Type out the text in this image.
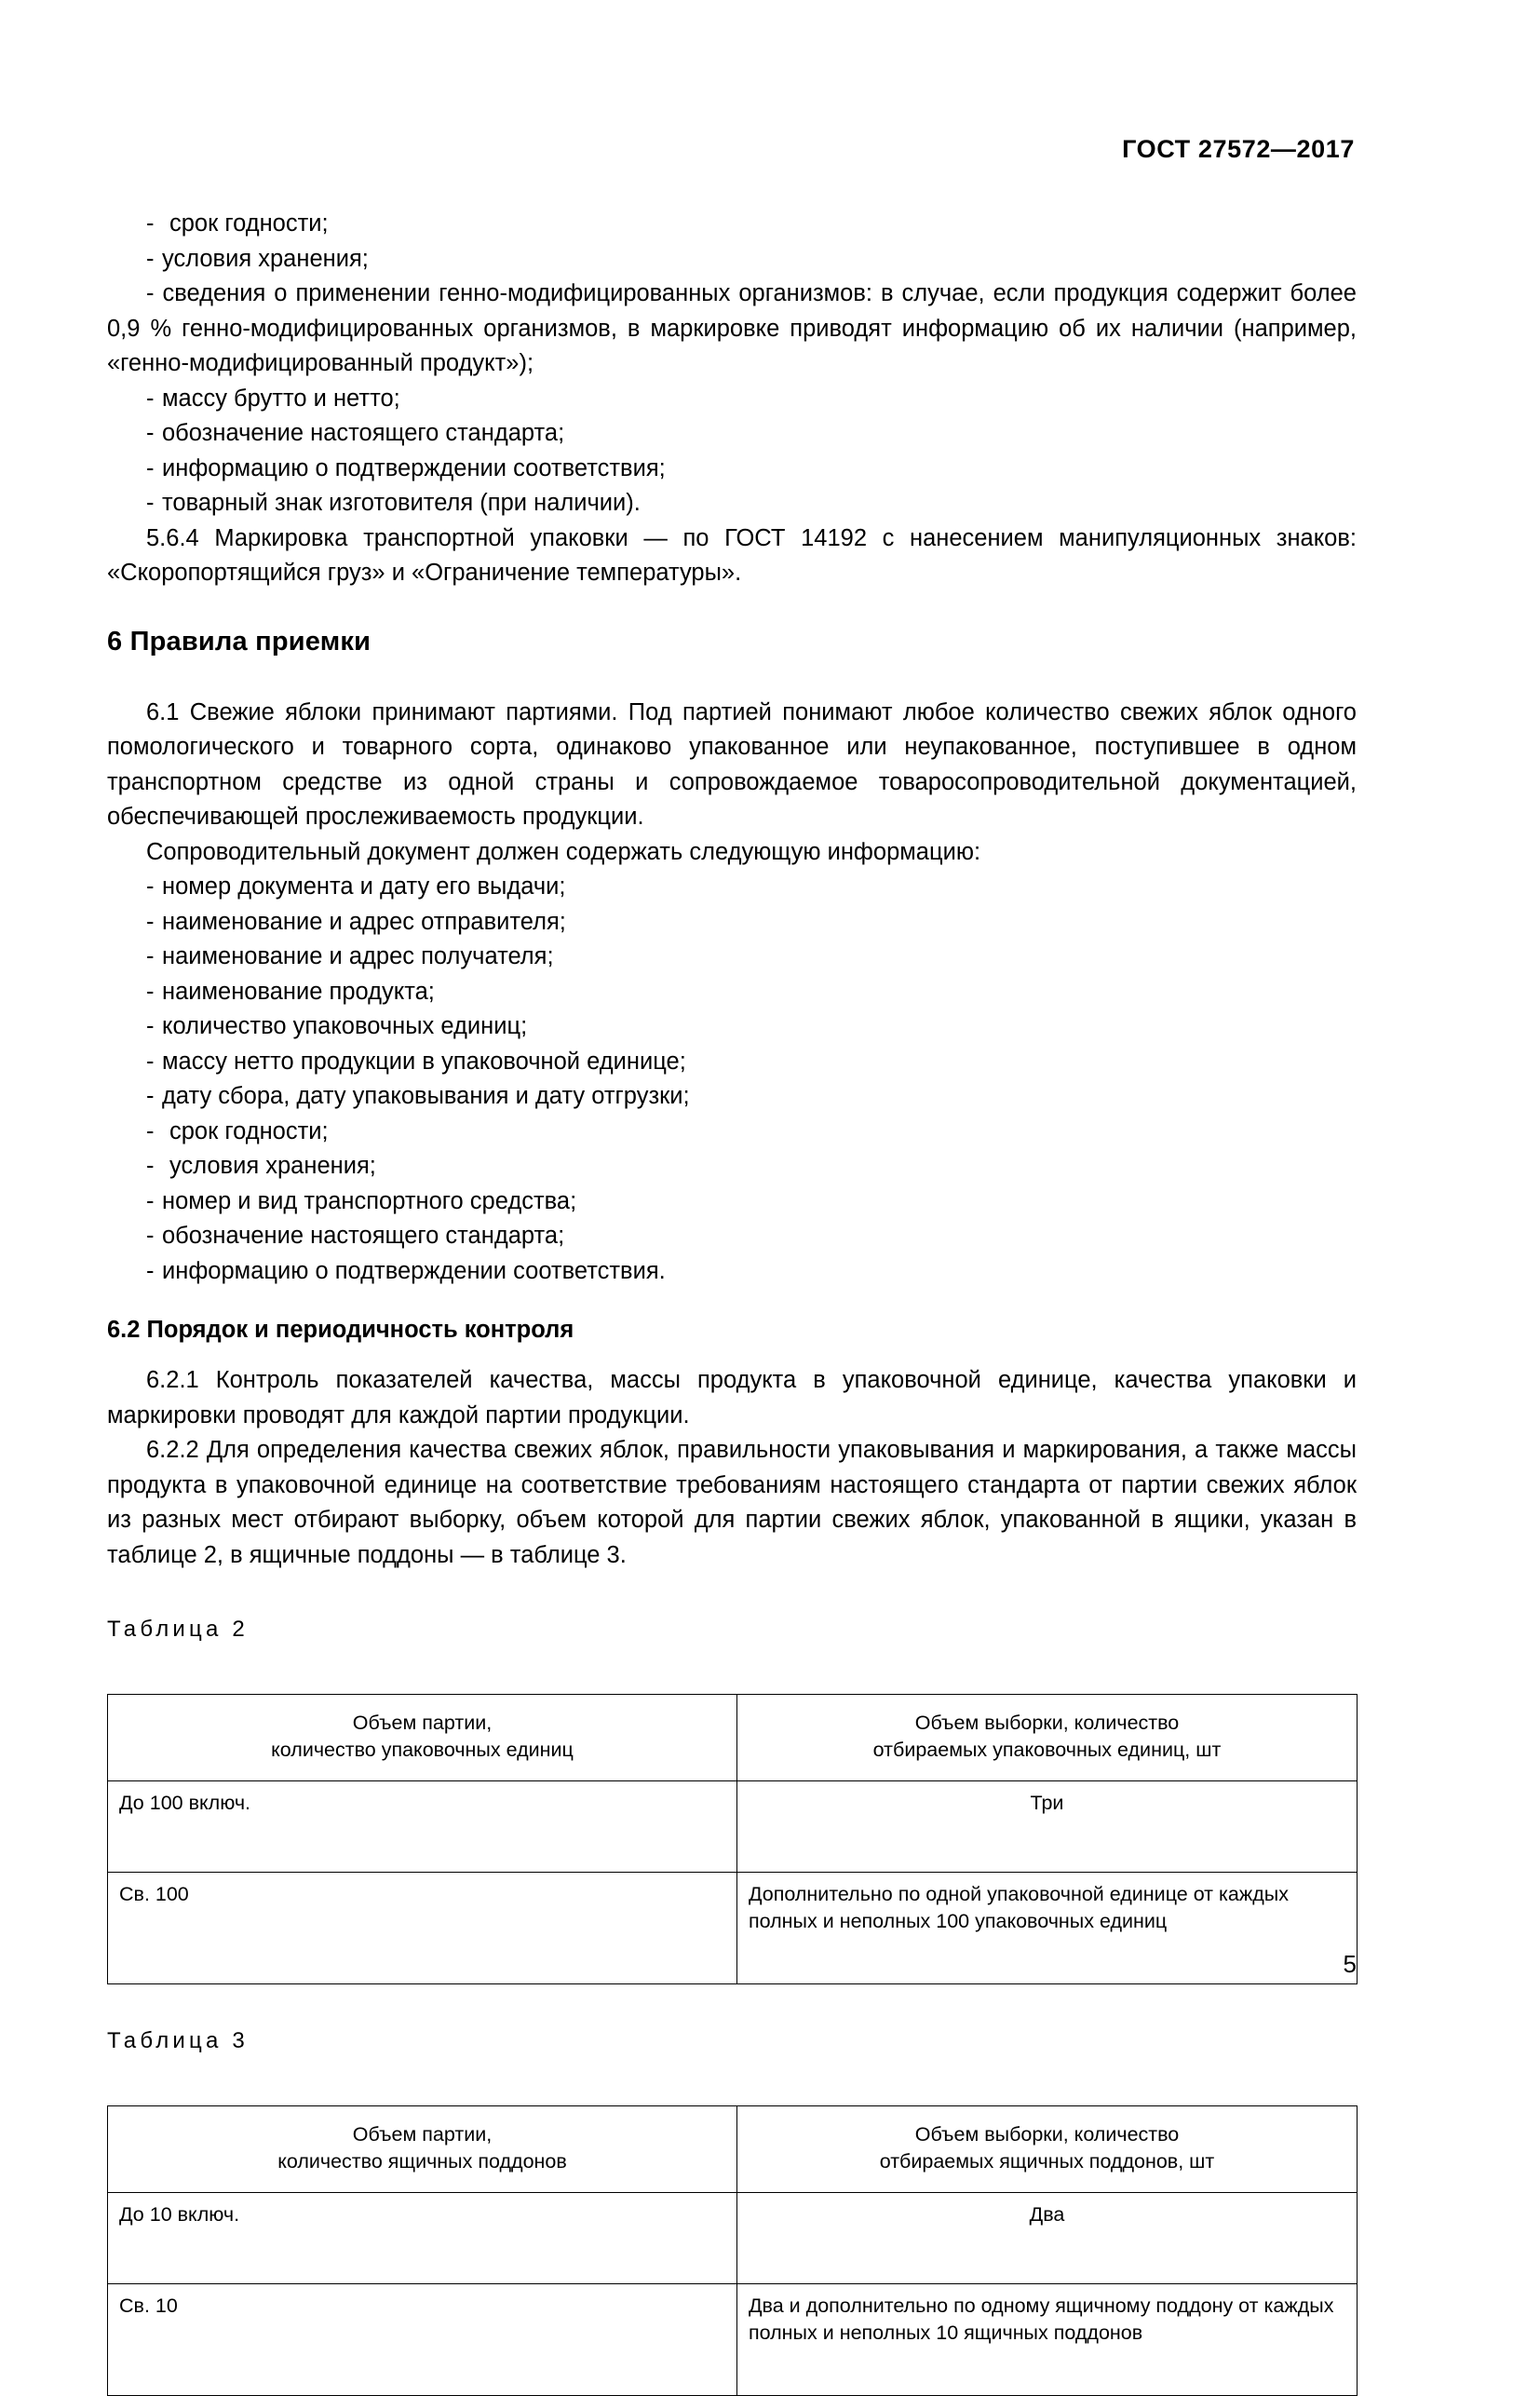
ГОСТ 27572—2017

- срок годности;

- условия хранения;

- сведения о применении генно-модифицированных организмов: в случае, если продукция содержит более 0,9 % генно-модифицированных организмов, в маркировке приводят информацию об их наличии (например, «генно-модифицированный продукт»);

- массу брутто и нетто;

- обозначение настоящего стандарта;

- информацию о подтверждении соответствия;

- товарный знак изготовителя (при наличии).

5.6.4 Маркировка транспортной упаковки — по ГОСТ 14192 с нанесением манипуляционных знаков: «Скоропортящийся груз» и «Ограничение температуры».

6 Правила приемки

6.1 Свежие яблоки принимают партиями. Под партией понимают любое количество свежих яблок одного помологического и товарного сорта, одинаково упакованное или неупакованное, поступившее в одном транспортном средстве из одной страны и сопровождаемое товаросопроводительной документацией, обеспечивающей прослеживаемость продукции.

Сопроводительный документ должен содержать следующую информацию:

- номер документа и дату его выдачи;

- наименование и адрес отправителя;

- наименование и адрес получателя;

- наименование продукта;

- количество упаковочных единиц;

- массу нетто продукции в упаковочной единице;

- дату сбора, дату упаковывания и дату отгрузки;

- срок годности;

- условия хранения;

- номер и вид транспортного средства;

- обозначение настоящего стандарта;

- информацию о подтверждении соответствия.

6.2 Порядок и периодичность контроля

6.2.1 Контроль показателей качества, массы продукта в упаковочной единице, качества упаковки и маркировки проводят для каждой партии продукции.

6.2.2 Для определения качества свежих яблок, правильности упаковывания и маркирования, а также массы продукта в упаковочной единице на соответствие требованиям настоящего стандарта от партии свежих яблок из разных мест отбирают выборку, объем которой для партии свежих яблок, упакованной в ящики, указан в таблице 2, в ящичные поддоны — в таблице 3.

Таблица 2

Объем партии,
количество упаковочных единиц	Объем выборки, количество
отбираемых упаковочных единиц, шт

До 100 включ.	Три
Св. 100	Дополнительно по одной упаковочной единице от каждых полных и неполных 100 упаковочных единиц

Таблица 3

Объем партии,
количество ящичных поддонов	Объем выборки, количество
отбираемых ящичных поддонов, шт

До 10 включ.	Два
Св. 10	Два и дополнительно по одному ящичному поддону от каждых полных и неполных 10 ящичных поддонов
5
